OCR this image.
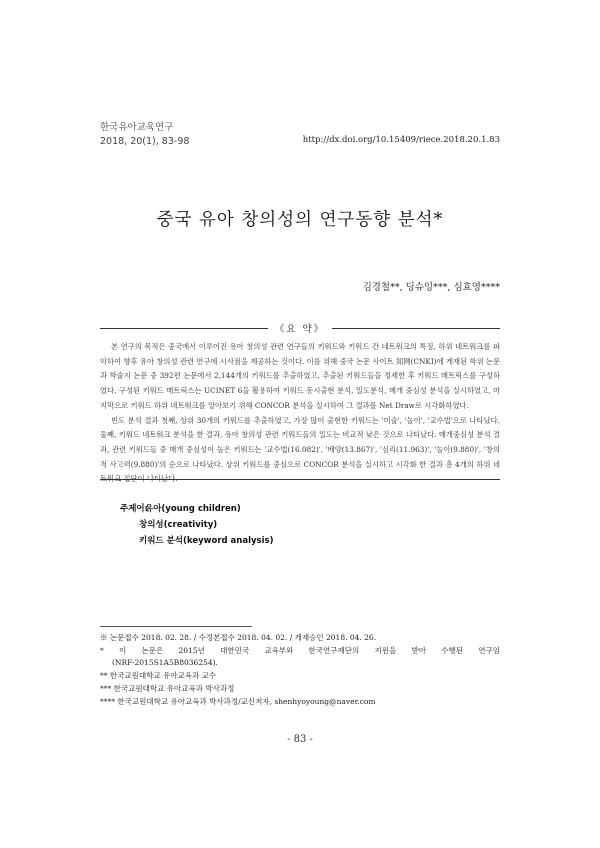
한국유아교육연구
2018, 20(1), 83-98	http://dx.doi.org/10.15409/riece.2018.20.1.83
중국 유아 창의성의 연구동향 분석*
김경철**, 딩슈잉***, 심효영****
《요 약》

본 연구의 목적은 중국에서 이루어진 유아 창의성 관련 연구들의 키워드와 키워드 간 네트워크의 특징, 하위 네트워크를 파악하여 향후 유아 창의성 관련 연구에 시사점을 제공하는 것이다. 이를 위해 중국 논문 사이트 知网(CNKI)에 게재된 학위 논문과 학술지 논문 중 392편 논문에서 2,144개의 키워드를 추출하였고, 추출된 키워드들을 정제한 후 키워드 매트릭스를 구성하였다. 구성된 키워드 매트릭스는 UCINET 6을 활용하여 키워드 동시출현 분석, 밀도분석, 매개 중심성 분석을 실시하였고, 마지막으로 키워드 하위 네트워크를 알아보기 위해 CONCOR 분석을 실시하여 그 결과를 Net Draw로 시각화하였다.

빈도 분석 결과 첫째, 상위 30개의 키워드를 추출하였고, 가장 많이 출현한 키워드는 '미술', '놀이', '교수법'으로 나타났다. 둘째, 키워드 네트워크 분석을 한 결과, 유아 창의성 관련 키워드들의 밀도는 비교적 낮은 것으로 나타났다. 매개중심성 분석 결과, 관련 키워드들 중 매개 중심성이 높은 키워드는 '교수법(16.082)', '배양(13.867)', '심리(11.963)', '놀이(9.880)', '창의적 사고력(9.880)'의 순으로 나타났다. 상위 키워드를 중심으로 CONCOR 분석을 실시하고 시각화 한 결과 총 4개의 하위 네트워크 집단이 나타났다.

주제어:
유아(young children)
창의성(creativity)
키워드 분석(keyword analysis)
※ 논문접수 2018. 02. 28. / 수정본접수 2018. 04. 02. / 게재승인 2018. 04. 26.
* 이 논문은 2015년 대한민국 교육부와 한국연구재단의 지원을 받아 수행된 연구임
(NRF-2015S1A5B8036254).
** 한국교원대학교 유아교육과 교수
*** 한국교원대학교 유아교육과 박사과정
**** 한국교원대학교 유아교육과 박사과정/교신저자, shenhyoyoung@naver.com
- 83 -
